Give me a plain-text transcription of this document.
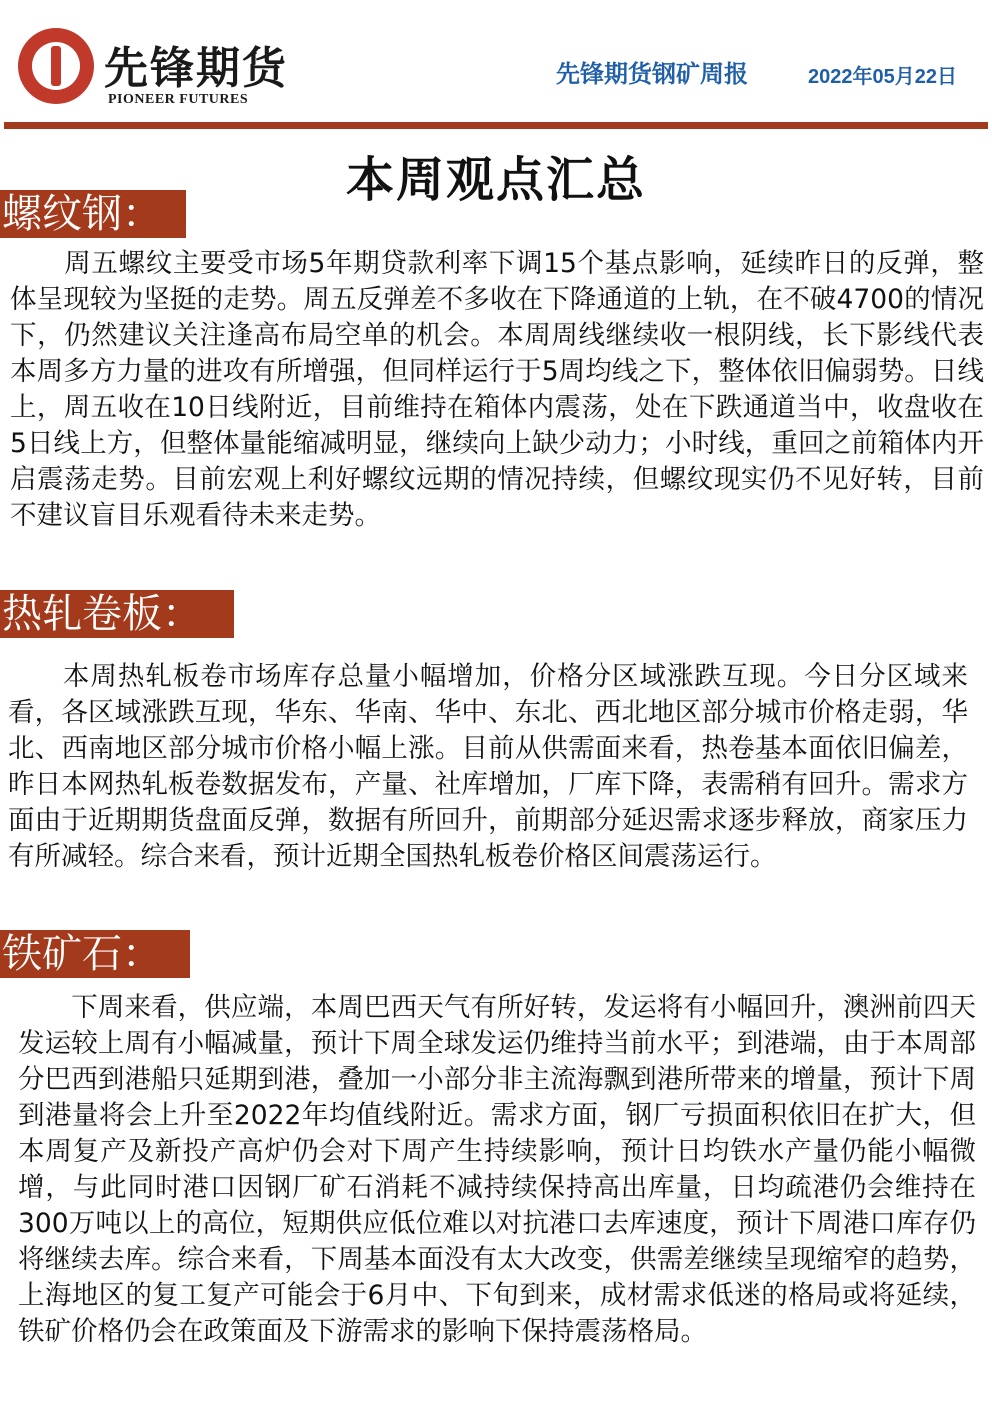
先锋期货
PIONEER FUTURES
先锋期货钢矿周报	2022年05月22日
本周观点汇总
螺纹钢：

　　周五螺纹主要受市场5年期贷款利率下调15个基点影响，延续昨日的反弹，整体呈现较为坚挺的走势。周五反弹差不多收在下降通道的上轨，在不破4700的情况下，仍然建议关注逢高布局空单的机会。本周周线继续收一根阴线，长下影线代表本周多方力量的进攻有所增强，但同样运行于5周均线之下，整体依旧偏弱势。日线上，周五收在10日线附近，目前维持在箱体内震荡，处在下跌通道当中，收盘收在5日线上方，但整体量能缩减明显，继续向上缺少动力；小时线，重回之前箱体内开启震荡走势。目前宏观上利好螺纹远期的情况持续，但螺纹现实仍不见好转，目前不建议盲目乐观看待未来走势。

热轧卷板：

　　本周热轧板卷市场库存总量小幅增加，价格分区域涨跌互现。今日分区域来看，各区域涨跌互现，华东、华南、华中、东北、西北地区部分城市价格走弱，华北、西南地区部分城市价格小幅上涨。目前从供需面来看，热卷基本面依旧偏差，昨日本网热轧板卷数据发布，产量、社库增加，厂库下降，表需稍有回升。需求方面由于近期期货盘面反弹，数据有所回升，前期部分延迟需求逐步释放，商家压力有所减轻。综合来看，预计近期全国热轧板卷价格区间震荡运行。

铁矿石：

　　下周来看，供应端，本周巴西天气有所好转，发运将有小幅回升，澳洲前四天发运较上周有小幅减量，预计下周全球发运仍维持当前水平；到港端，由于本周部分巴西到港船只延期到港，叠加一小部分非主流海飘到港所带来的增量，预计下周到港量将会上升至2022年均值线附近。需求方面，钢厂亏损面积依旧在扩大，但本周复产及新投产高炉仍会对下周产生持续影响，预计日均铁水产量仍能小幅微增，与此同时港口因钢厂矿石消耗不减持续保持高出库量，日均疏港仍会维持在300万吨以上的高位，短期供应低位难以对抗港口去库速度，预计下周港口库存仍将继续去库。综合来看，下周基本面没有太大改变，供需差继续呈现缩窄的趋势，上海地区的复工复产可能会于6月中、下旬到来，成材需求低迷的格局或将延续，铁矿价格仍会在政策面及下游需求的影响下保持震荡格局。
